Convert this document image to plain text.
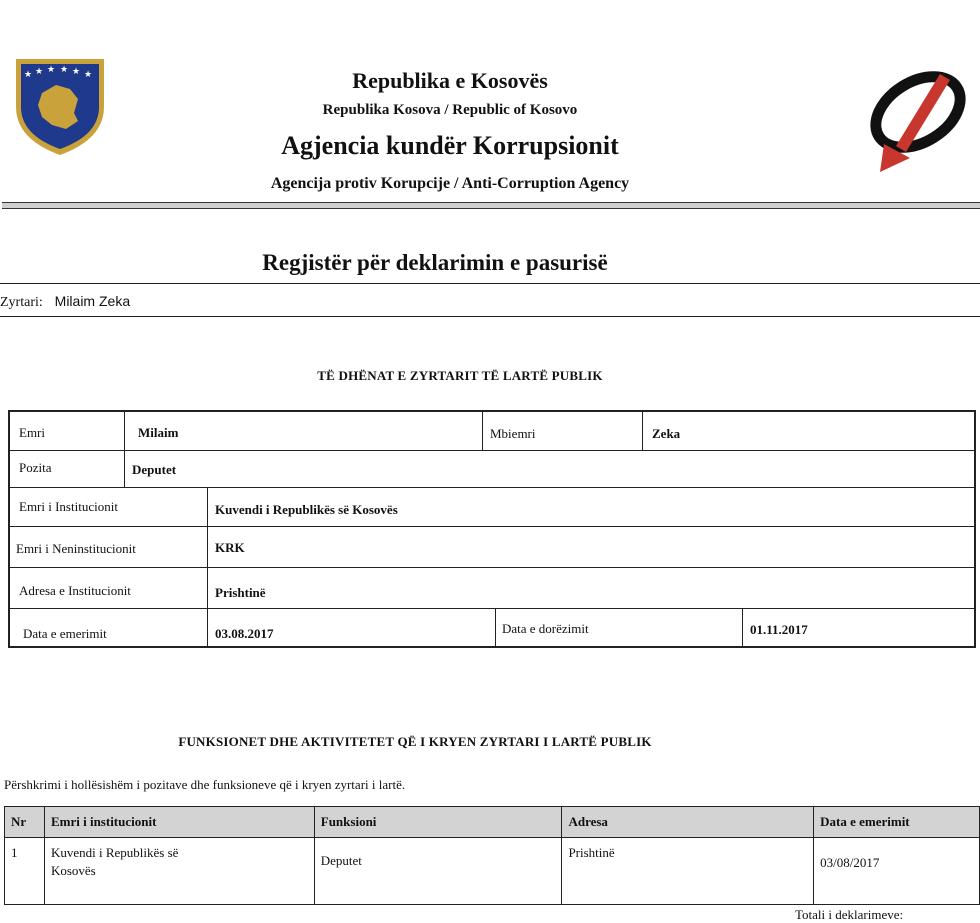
★ ★ ★ ★ ★ ★	Republika e Kosovës
Republika Kosova / Republic of Kosovo
Agjencia kundër Korrupsionit
Agencija protiv Korupcije / Anti-Corruption Agency
Regjistër për deklarimin e pasurisë
Zyrtari: Milaim Zeka
TË DHËNAT E ZYRTARIT TË LARTË PUBLIK
Emri	Milaim	Mbiemri	Zeka
Pozita	Deputet
Emri i Institucionit	Kuvendi i Republikës së Kosovës
Emri i Neninstitucionit	KRK
Adresa e Institucionit	Prishtinë
Data e emerimit	03.08.2017	Data e dorëzimit	01.11.2017
FUNKSIONET DHE AKTIVITETET QË I KRYEN ZYRTARI I LARTË PUBLIK
Përshkrimi i hollësishëm i pozitave dhe funksioneve që i kryen zyrtari i lartë.
Nr	Emri i institucionit	Funksioni	Adresa	Data e emerimit
1	Kuvendi i Republikës së Kosovës	Deputet	Prishtinë	03/08/2017
Totali i deklarimeve:
